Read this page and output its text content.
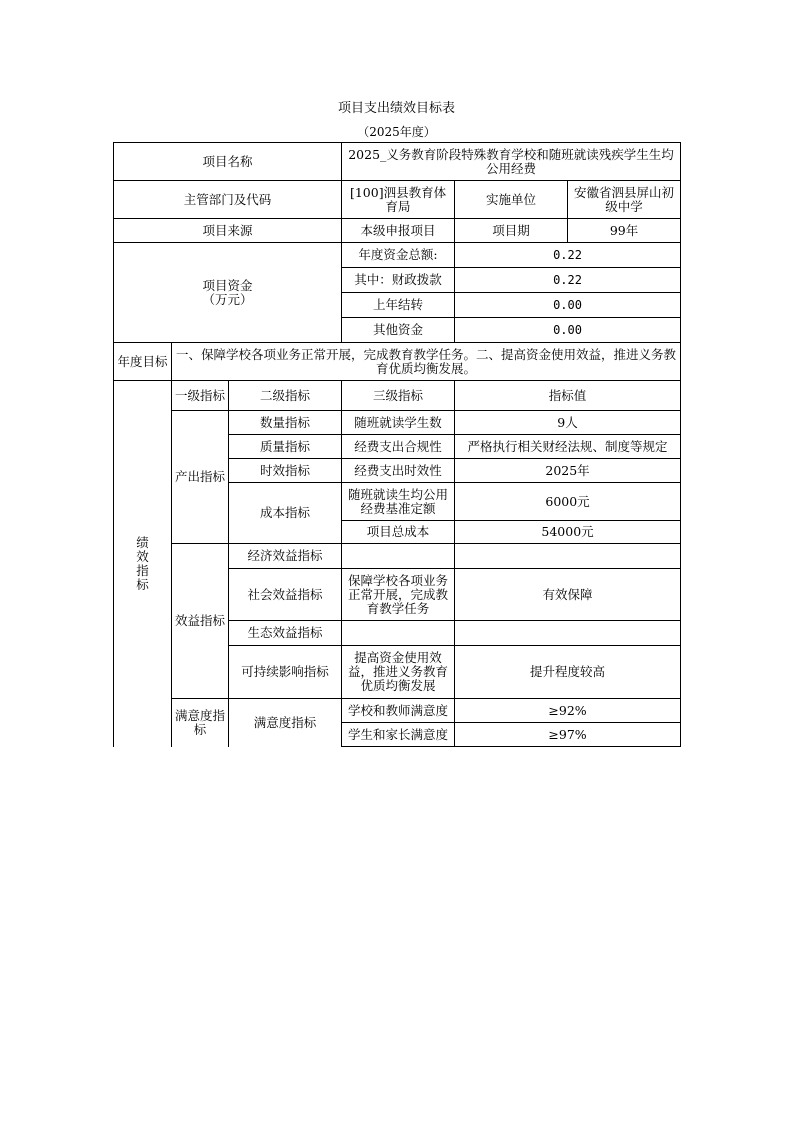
项目支出绩效目标表
（2025年度）
项目名称			2025_义务教育阶段特殊教育学校和随班就读残疾学生生均公用经费		
主管部门及代码			[100]泗县教育体育局	实施单位	安徽省泗县屏山初级中学
项目来源			本级申报项目	项目期	99年

项目资金
（万元）			年度资金总额:	0.22	
			其中：财政拨款	0.22	
			上年结转	0.00	
			其他资金	0.00	
年度目标	一、保障学校各项业务正常开展，完成教育教学任务。二、提高资金使用效益，推进义务教育优质均衡发展。				
绩效指标	一级指标	二级指标	三级指标	指标值	
	产出指标	数量指标	随班就读学生数	9人	
		质量指标	经费支出合规性	严格执行相关财经法规、制度等规定	
		时效指标	经费支出时效性	2025年	
		成本指标	随班就读生均公用经费基准定额	6000元	
			项目总成本	54000元	
	效益指标	经济效益指标			
		社会效益指标	保障学校各项业务正常开展，完成教育教学任务	有效保障	
		生态效益指标			
		可持续影响指标	提高资金使用效益，推进义务教育优质均衡发展	提升程度较高	
	满意度指标	满意度指标	学校和教师满意度	≥92%	
			学生和家长满意度	≥97%	
